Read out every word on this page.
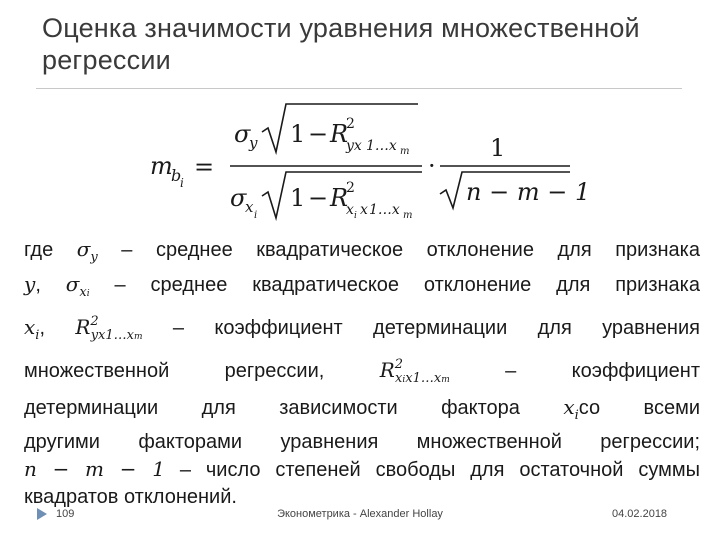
Оценка значимости уравнения множественной регрессии
m
b
i
=
σ
y 1 − R
2
yx 1…x m
σ
x i
1 − R
2
x i x 1…x m
·
1
n − m − 1
где $\sigma_y$ – среднее квадратическое отклонение для признака
y, $\sigma_{xi}$ – среднее квадратическое отклонение для признака
$x_i$, $R^2_{yx1\dots xm}$ – коэффициент детерминации для уравнения
множественной регрессии, $R^2_{xix1\dots xm}$ – коэффициент
детерминации для зависимости фактора $x_iсо$ всеми
другими факторами уравнения множественной регрессии;
n − m − 1 – число степеней свободы для остаточной суммы
квадратов отклонений.
109	Эконометрика - Alexander Hollay	04.02.2018
